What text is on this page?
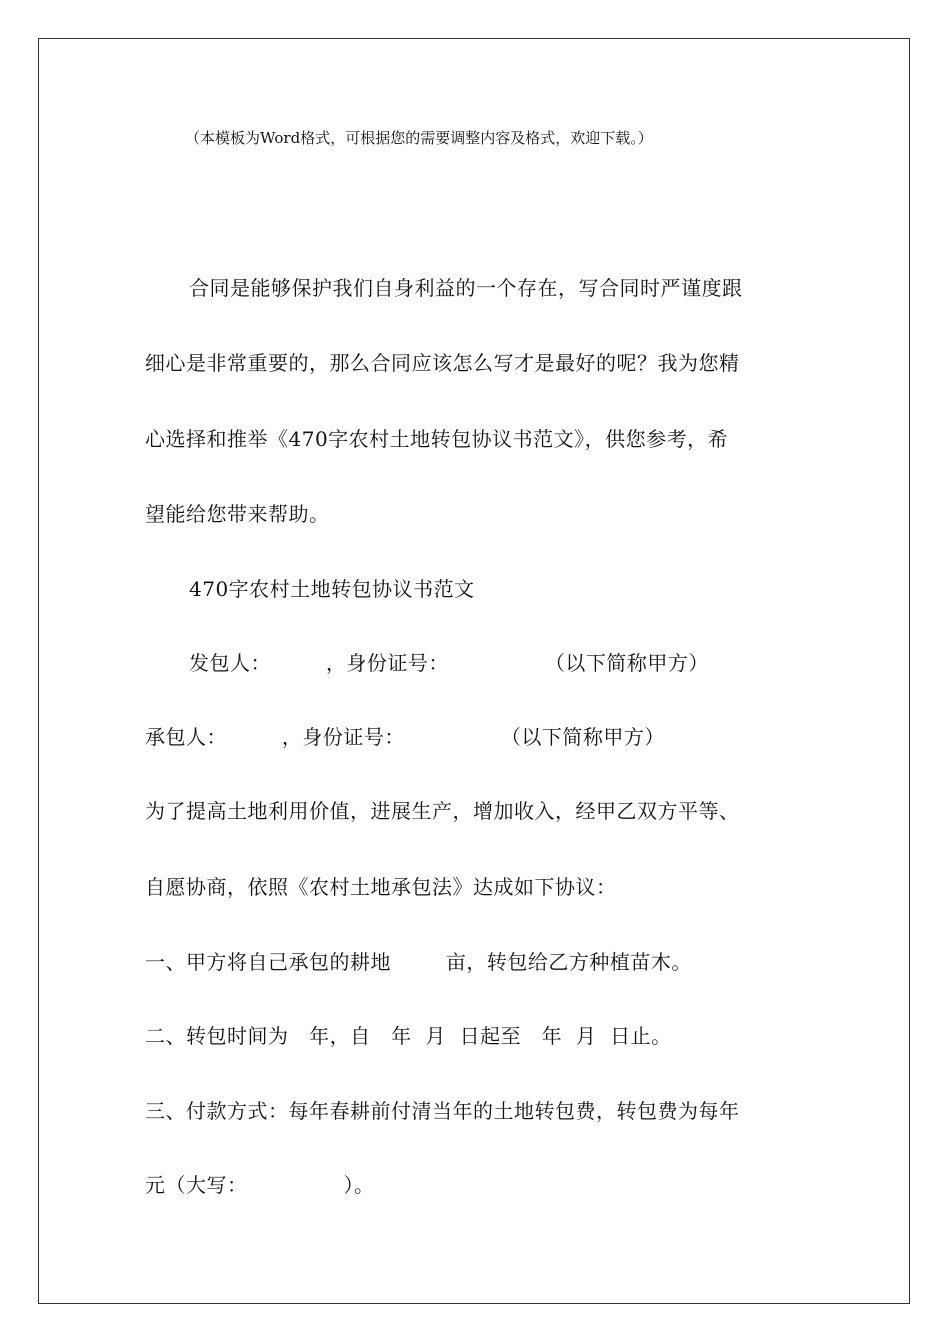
（本模板为Word格式，可根据您的需要调整内容及格式，欢迎下载。）
合同是能够保护我们自身利益的一个存在，写合同时严谨度跟
细心是非常重要的，那么合同应该怎么写才是最好的呢？我为您精
心选择和推举《470字农村土地转包协议书范文》，供您参考，希
望能给您带来帮助。
470字农村土地转包协议书范文
发包人：        ，身份证号：              （以下简称甲方）
承包人：        ，身份证号：              （以下简称甲方）
为了提高土地利用价值，进展生产，增加收入，经甲乙双方平等、
自愿协商，依照《农村土地承包法》达成如下协议：
一、甲方将自己承包的耕地        亩，转包给乙方种植苗木。
二、转包时间为   年，自   年  月  日起至   年  月  日止。
三、付款方式：每年春耕前付清当年的土地转包费，转包费为每年
元（大写：              ）。
